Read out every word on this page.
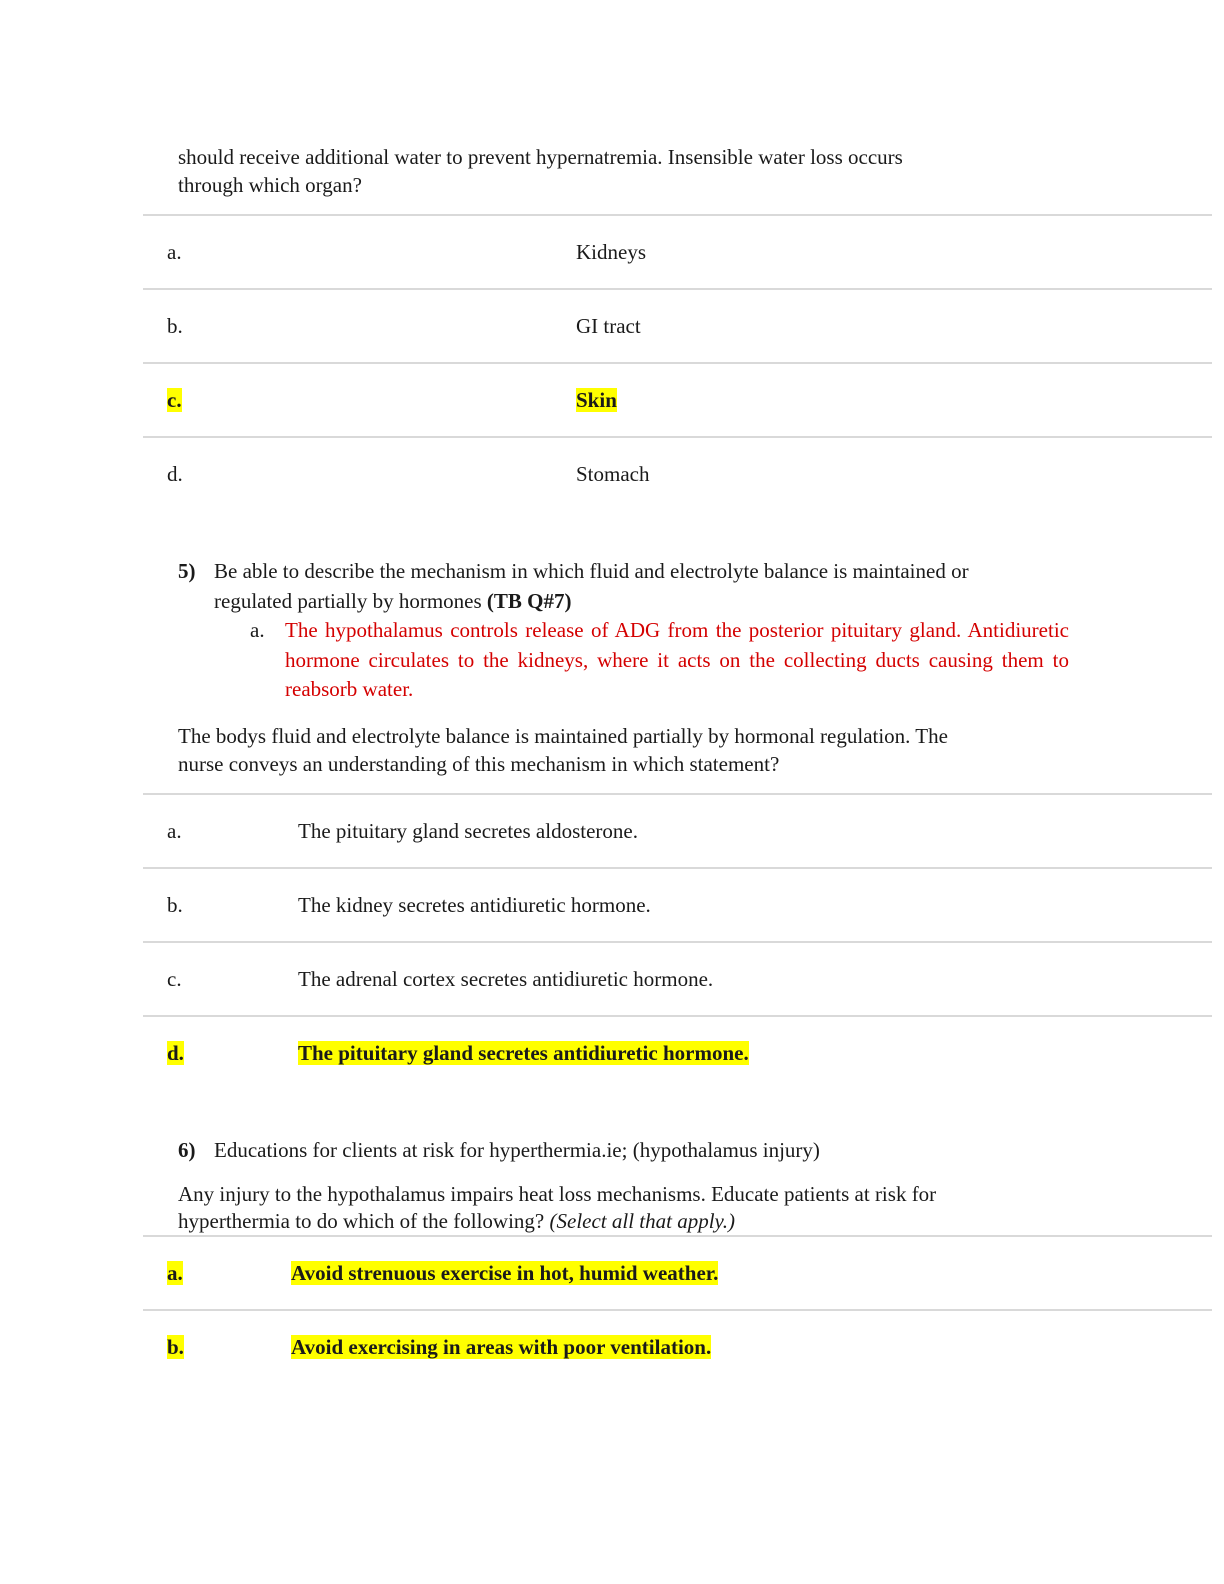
should receive additional water to prevent hypernatremia. Insensible water loss occurs
through which organ?

a.	Kidneys
b.	GI tract
c.	Skin
d.	Stomach
5) Be able to describe the mechanism in which fluid and electrolyte balance is maintained or
regulated partially by hormones (TB Q#7)
a. The hypothalamus controls release of ADG from the posterior pituitary gland. Antidiuretic hormone circulates to the kidneys, where it acts on the collecting ducts causing them to reabsorb water.

The bodys fluid and electrolyte balance is maintained partially by hormonal regulation. The
nurse conveys an understanding of this mechanism in which statement?

a.	The pituitary gland secretes aldosterone.
b.	The kidney secretes antidiuretic hormone.
c.	The adrenal cortex secretes antidiuretic hormone.
d.	The pituitary gland secretes antidiuretic hormone.
6) Educations for clients at risk for hyperthermia.ie; (hypothalamus injury)

Any injury to the hypothalamus impairs heat loss mechanisms. Educate patients at risk for
hyperthermia to do which of the following? (Select all that apply.)

a.	Avoid strenuous exercise in hot, humid weather.
b.	Avoid exercising in areas with poor ventilation.
